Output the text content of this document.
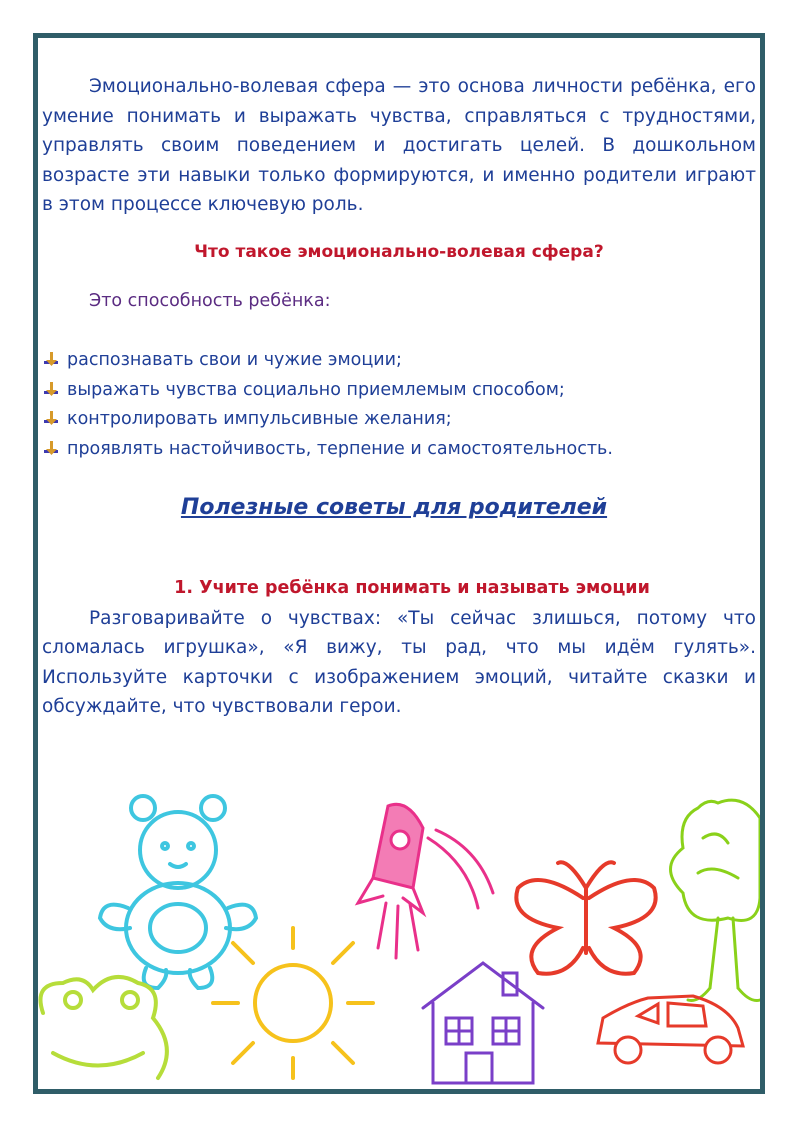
Эмоционально-волевая сфера — это основа личности ребёнка, его умение понимать и выражать чувства, справляться с трудностями, управлять своим поведением и достигать целей. В дошкольном возрасте эти навыки только формируются, и именно родители играют в этом процессе ключевую роль.

Что такое эмоционально-волевая сфера?
Это способность ребёнка:
распознавать свои и чужие эмоции;
выражать чувства социально приемлемым способом;
контролировать импульсивные желания;
проявлять настойчивость, терпение и самостоятельность.
Полезные советы для родителей
1. Учите ребёнка понимать и называть эмоции

Разговаривайте о чувствах: «Ты сейчас злишься, потому что сломалась игрушка», «Я вижу, ты рад, что мы идём гулять». Используйте карточки с изображением эмоций, читайте сказки и обсуждайте, что чувствовали герои.
